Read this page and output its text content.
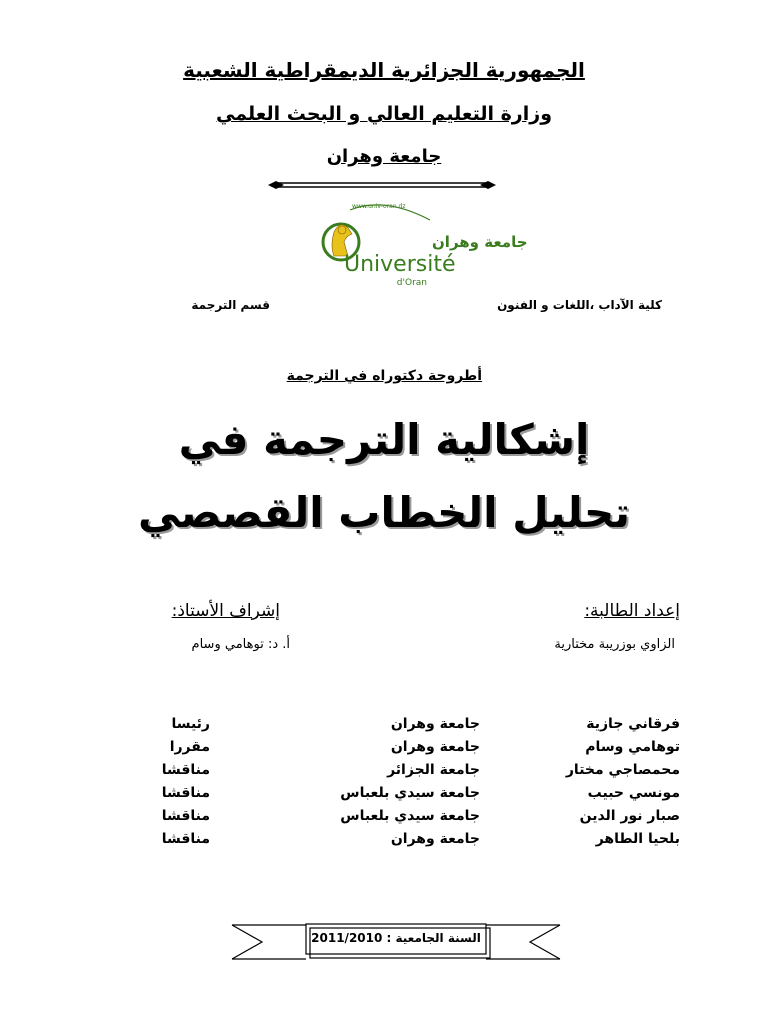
الجمهورية الجزائرية الديمقراطية الشعبية
وزارة التعليم العالي و البحث العلمي
جامعة وهران
www.univ-oran.dz
جامعة وهران
Université
d'Oran
كلية الآداب ،اللغات و الفنون
قسم الترجمة
أطروحة دكتوراه في الترجمة
إشكالية الترجمة في
تحليل الخطاب القصصي
إعداد الطالبة:
إشراف الأستاذ:
الزاوي بوزريبة مختارية
أ. د: توهامي وسام
فرقاني جازية
جامعة وهران
رئيسا
توهامي وسام
جامعة وهران
مقررا
محمصاجي مختار
جامعة الجزائر
مناقشا
مونسي حبيب
جامعة سيدي بلعباس
مناقشا
صبار نور الدين
جامعة سيدي بلعباس
مناقشا
بلحيا الطاهر
جامعة وهران
مناقشا
السنة الجامعية : 2011/2010
